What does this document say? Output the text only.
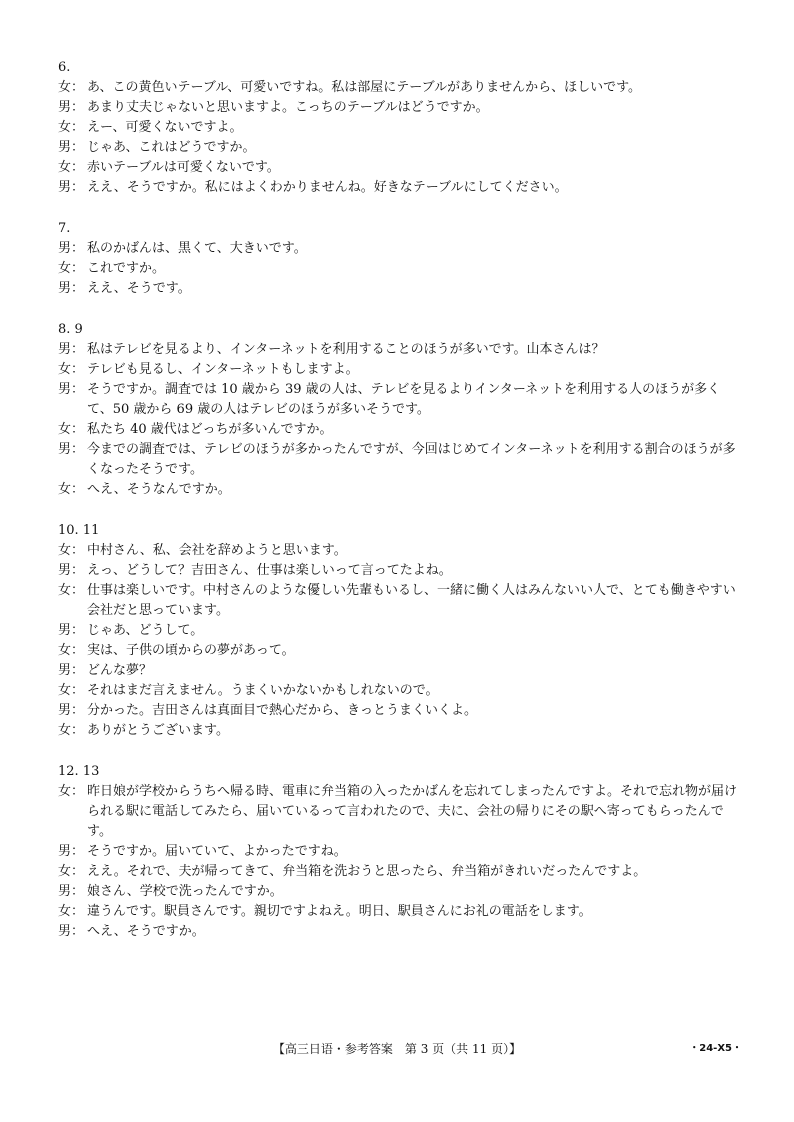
6.
女： あ、この黄色いテーブル、可愛いですね。私は部屋にテーブルがありませんから、ほしいです。
男： あまり丈夫じゃないと思いますよ。こっちのテーブルはどうですか。
女： えー、可愛くないですよ。
男： じゃあ、これはどうですか。
女： 赤いテーブルは可愛くないです。
男： ええ、そうですか。私にはよくわかりませんね。好きなテーブルにしてください。
7.
男： 私のかばんは、黒くて、大きいです。
女： これですか。
男： ええ、そうです。
8. 9
男： 私はテレビを見るより、インターネットを利用することのほうが多いです。山本さんは？
女： テレビも見るし、インターネットもしますよ。
男： そうですか。調査では 10 歳から 39 歳の人は、テレビを見るよりインターネットを利用する人のほうが多くて、50 歳から 69 歳の人はテレビのほうが多いそうです。
女： 私たち 40 歳代はどっちが多いんですか。
男： 今までの調査では、テレビのほうが多かったんですが、今回はじめてインターネットを利用する割合のほうが多くなったそうです。
女： へえ、そうなんですか。
10. 11
女： 中村さん、私、会社を辞めようと思います。
男： えっ、どうして？吉田さん、仕事は楽しいって言ってたよね。
女： 仕事は楽しいです。中村さんのような優しい先輩もいるし、一緒に働く人はみんないい人で、とても働きやすい会社だと思っています。
男： じゃあ、どうして。
女： 実は、子供の頃からの夢があって。
男： どんな夢？
女： それはまだ言えません。うまくいかないかもしれないので。
男： 分かった。吉田さんは真面目で熱心だから、きっとうまくいくよ。
女： ありがとうございます。
12. 13
女： 昨日娘が学校からうちへ帰る時、電車に弁当箱の入ったかばんを忘れてしまったんですよ。それで忘れ物が届けられる駅に電話してみたら、届いているって言われたので、夫に、会社の帰りにその駅へ寄ってもらったんです。
男： そうですか。届いていて、よかったですね。
女： ええ。それで、夫が帰ってきて、弁当箱を洗おうと思ったら、弁当箱がきれいだったんですよ。
男： 娘さん、学校で洗ったんですか。
女： 違うんです。駅員さんです。親切ですよねえ。明日、駅員さんにお礼の電話をします。
男： へえ、そうですか。
【高三日语・参考答案　第 3 页（共 11 页）】	・24-X5・
